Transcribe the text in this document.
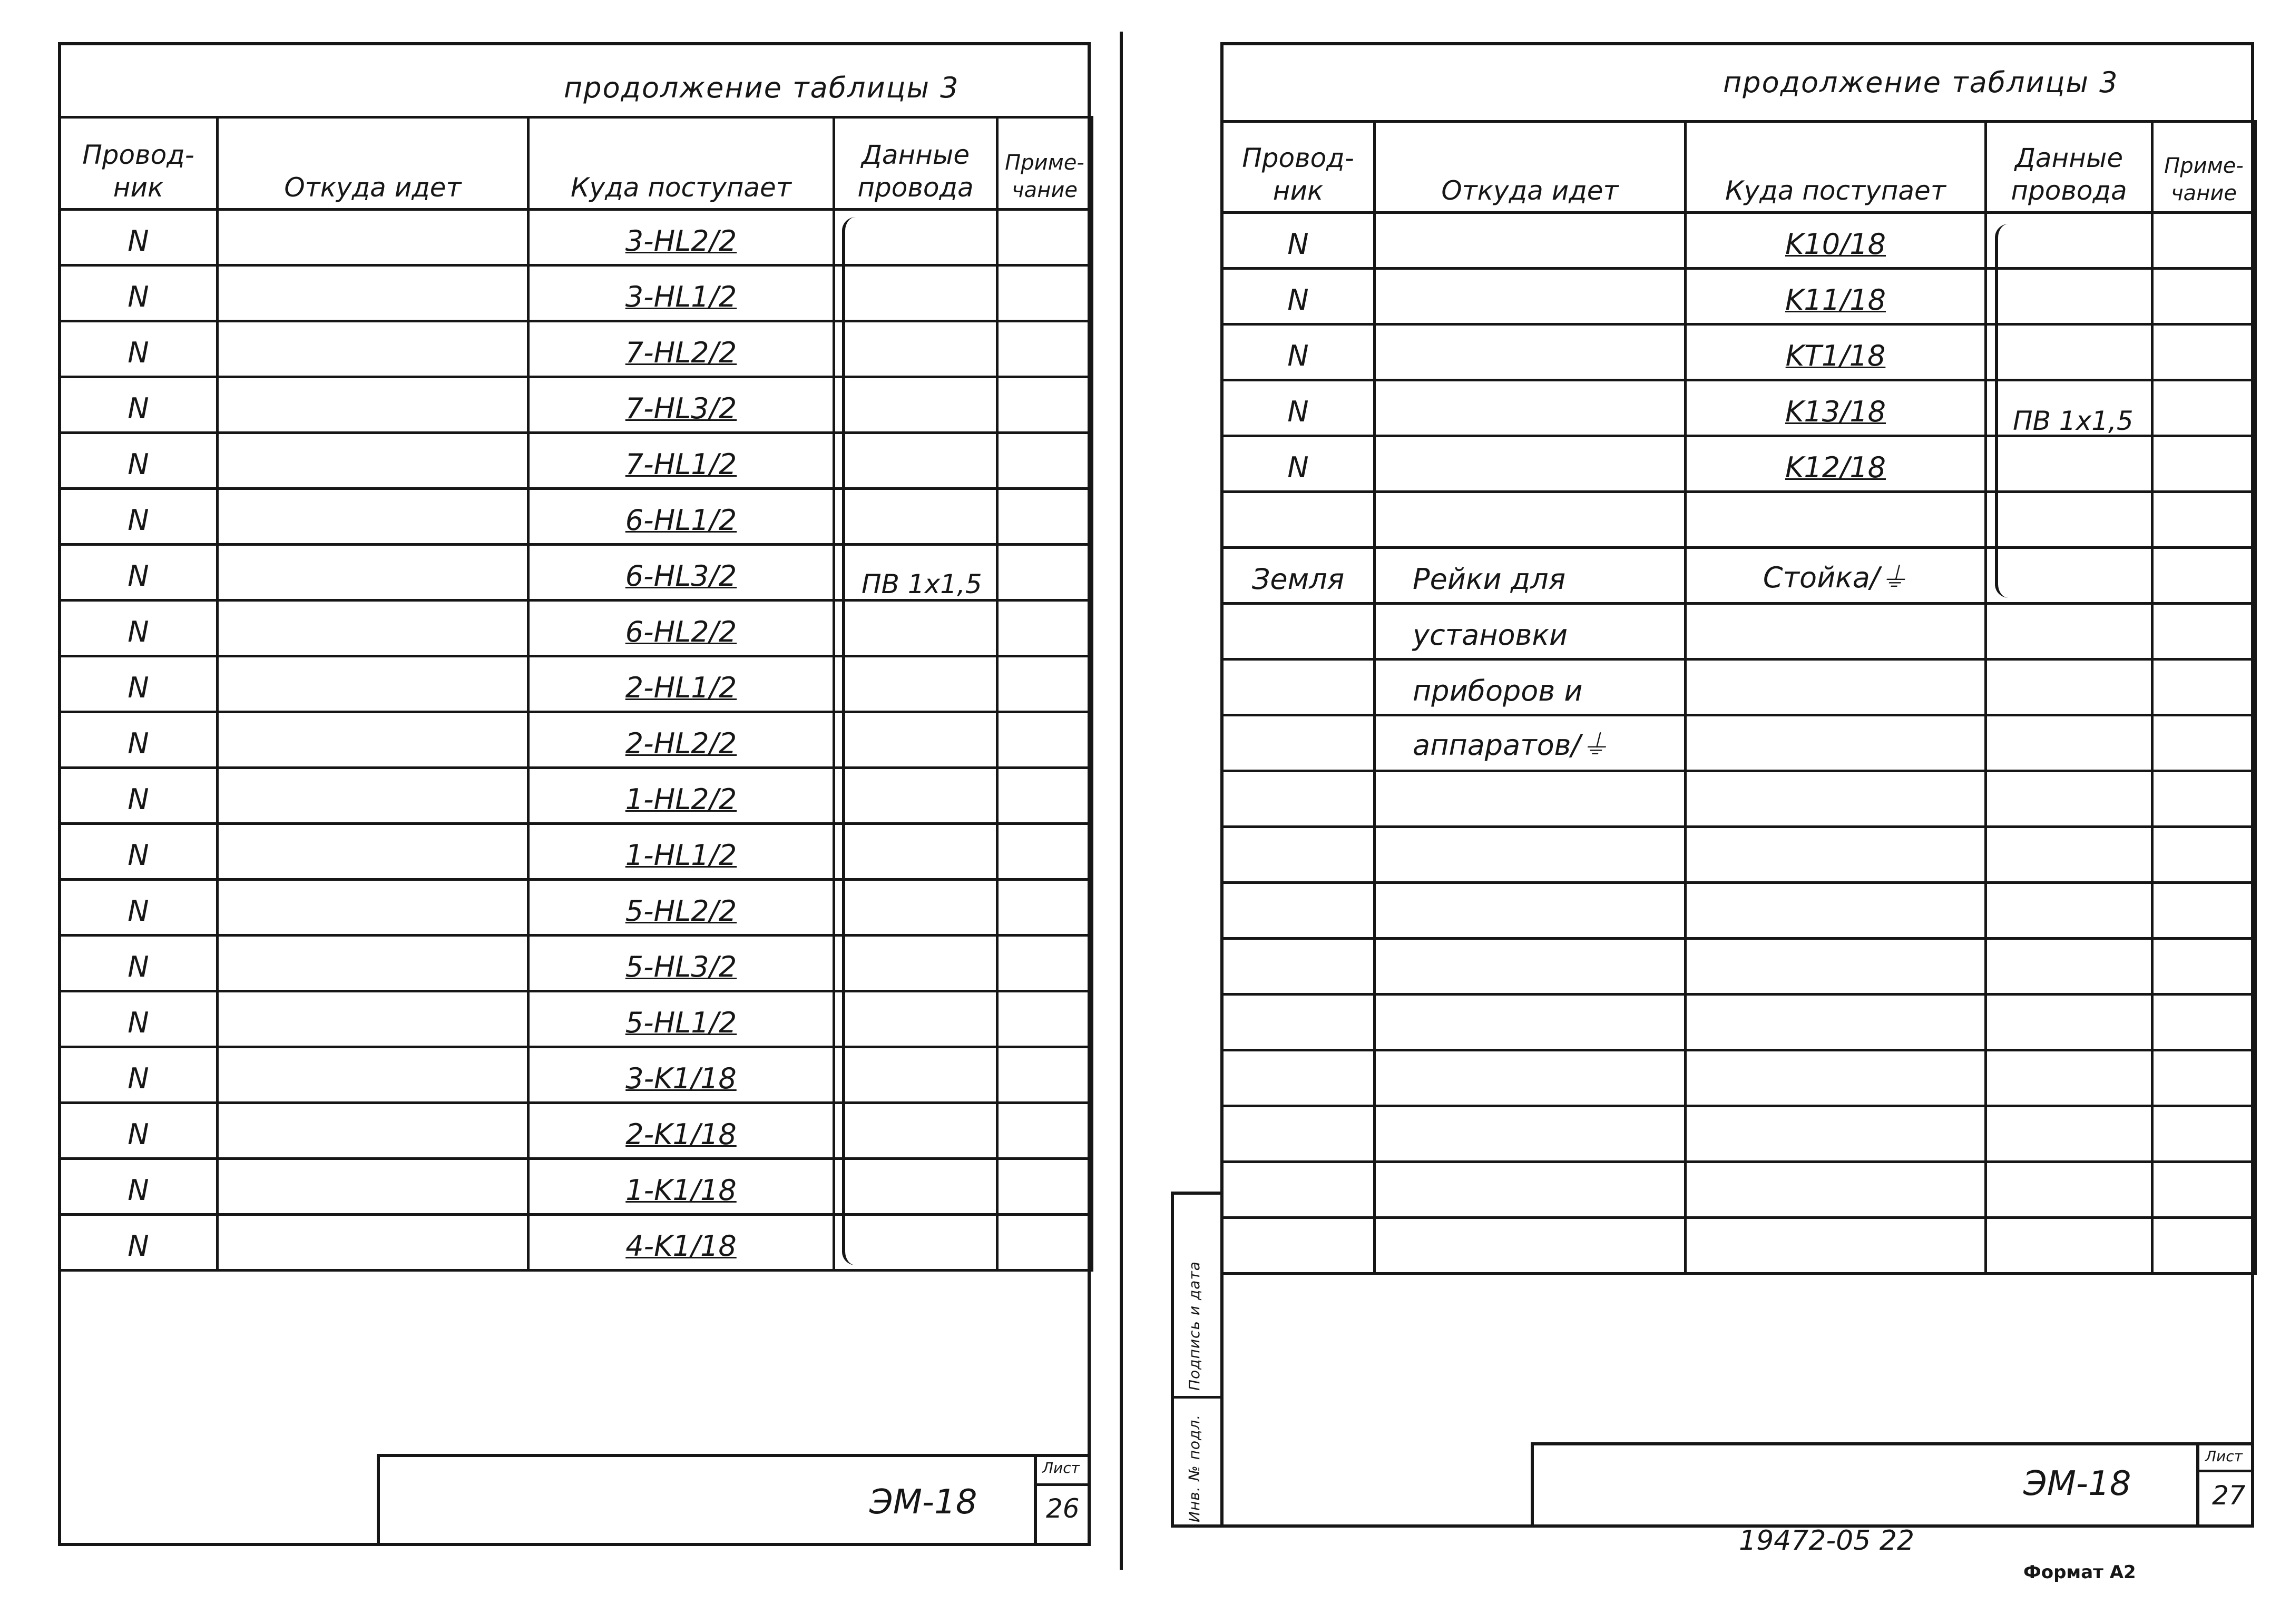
продолжение таблицы 3
Провод-ник	Откуда идет	Куда поступает	Данные провода	Приме-чание
N		3-HL2/2		
N		3-HL1/2		
N		7-HL2/2		
N		7-HL3/2		
N		7-HL1/2		
N		6-HL1/2		
N		6-HL3/2		
N		6-HL2/2		
N		2-HL1/2		
N		2-HL2/2		
N		1-HL2/2		
N		1-HL1/2		
N		5-HL2/2		
N		5-HL3/2		
N		5-HL1/2		
N		3-K1/18		
N		2-K1/18		
N		1-K1/18		
N		4-K1/18		
ПВ 1x1,5
ЭМ-18
Лист
26
продолжение таблицы 3
Провод-ник	Откуда идет	Куда поступает	Данные провода	Приме-чание
N		K10/18		
N		K11/18		
N		KT1/18		
N		K13/18		
N		K12/18		

Земля	Рейки для	Стойка/⏚		
	установки			
	приборов и			
	аппаратов/⏚			

ПВ 1x1,5
Инв. № подл.
Подпись и дата
ЭМ-18
Лист
27
19472-05 22
Формат А2
